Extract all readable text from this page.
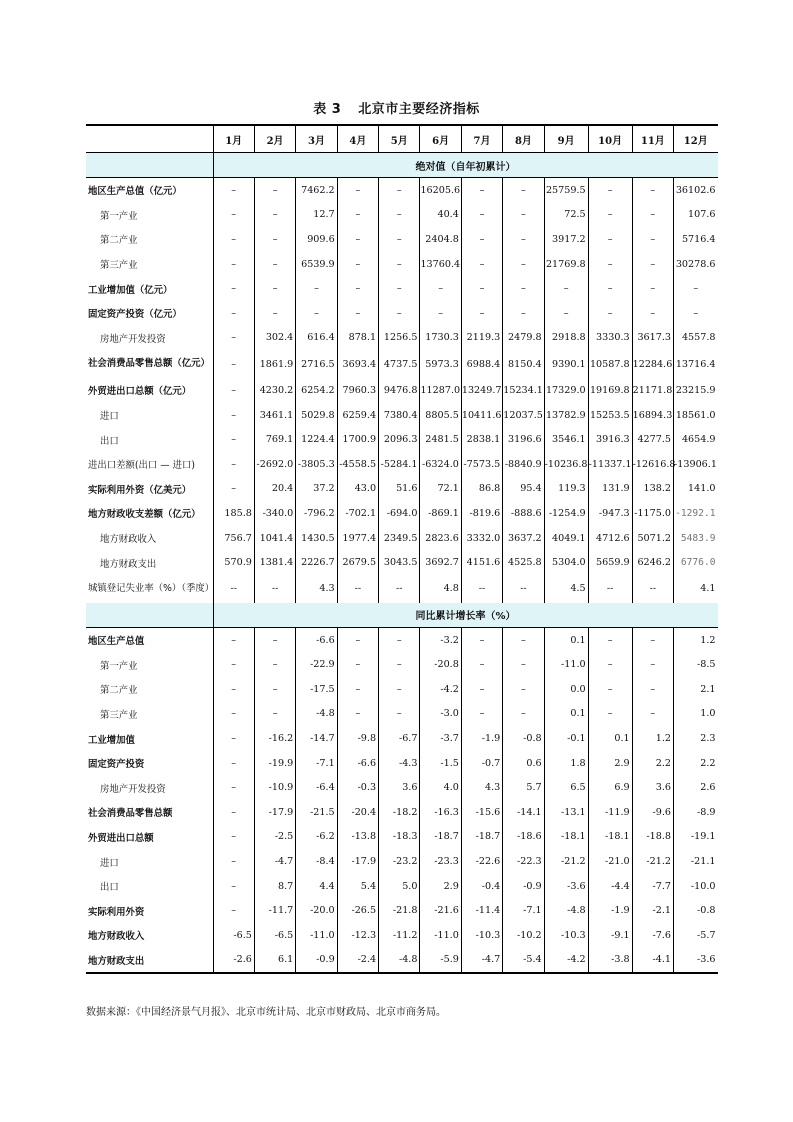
表 3 北京市主要经济指标
	1月	2月	3月	4月	5月	6月	7月	8月	9月	10月	11月	12月
	绝对值（自年初累计）											
地区生产总值（亿元）	–	–	7462.2	–	–	16205.6	–	–	25759.5	–	–	36102.6
第一产业	–	–	12.7	–	–	40.4	–	–	72.5	–	–	107.6
第二产业	–	–	909.6	–	–	2404.8	–	–	3917.2	–	–	5716.4
第三产业	–	–	6539.9	–	–	13760.4	–	–	21769.8	–	–	30278.6
工业增加值（亿元）	–	–	–	–	–	–	–	–	–	–	–	–
固定资产投资（亿元）	–	–	–	–	–	–	–	–	–	–	–	–
房地产开发投资	–	302.4	616.4	878.1	1256.5	1730.3	2119.3	2479.8	2918.8	3330.3	3617.3	4557.8
社会消费品零售总额（亿元）	–	1861.9	2716.5	3693.4	4737.5	5973.3	6988.4	8150.4	9390.1	10587.8	12284.6	13716.4
外贸进出口总额（亿元）	–	4230.2	6254.2	7960.3	9476.8	11287.0	13249.7	15234.1	17329.0	19169.8	21171.8	23215.9
进口	–	3461.1	5029.8	6259.4	7380.4	8805.5	10411.6	12037.5	13782.9	15253.5	16894.3	18561.0
出口	–	769.1	1224.4	1700.9	2096.3	2481.5	2838.1	3196.6	3546.1	3916.3	4277.5	4654.9
进出口差额(出口 — 进口)	–	-2692.0	-3805.3	-4558.5	-5284.1	-6324.0	-7573.5	-8840.9	-10236.8	-11337.1	-12616.8	-13906.1
实际利用外资（亿美元）	–	20.4	37.2	43.0	51.6	72.1	86.8	95.4	119.3	131.9	138.2	141.0
地方财政收支差额（亿元）	185.8	-340.0	-796.2	-702.1	-694.0	-869.1	-819.6	-888.6	-1254.9	-947.3	-1175.0	-1292.1
地方财政收入	756.7	1041.4	1430.5	1977.4	2349.5	2823.6	3332.0	3637.2	4049.1	4712.6	5071.2	5483.9
地方财政支出	570.9	1381.4	2226.7	2679.5	3043.5	3692.7	4151.6	4525.8	5304.0	5659.9	6246.2	6776.0
城镇登记失业率（%）（季度）	--	--	4.3	--	--	4.8	--	--	4.5	--	--	4.1
	同比累计增长率（%）											
地区生产总值	–	–	-6.6	–	–	-3.2	–	–	0.1	–	–	1.2
第一产业	–	–	-22.9	–	–	-20.8	–	–	-11.0	–	–	-8.5
第二产业	–	–	-17.5	–	–	-4.2	–	–	0.0	–	–	2.1
第三产业	–	–	-4.8	–	–	-3.0	–	–	0.1	–	–	1.0
工业增加值	–	-16.2	-14.7	-9.8	-6.7	-3.7	-1.9	-0.8	-0.1	0.1	1.2	2.3
固定资产投资	–	-19.9	-7.1	-6.6	-4.3	-1.5	-0.7	0.6	1.8	2.9	2.2	2.2
房地产开发投资	–	-10.9	-6.4	-0.3	3.6	4.0	4.3	5.7	6.5	6.9	3.6	2.6
社会消费品零售总额	–	-17.9	-21.5	-20.4	-18.2	-16.3	-15.6	-14.1	-13.1	-11.9	-9.6	-8.9
外贸进出口总额	–	-2.5	-6.2	-13.8	-18.3	-18.7	-18.7	-18.6	-18.1	-18.1	-18.8	-19.1
进口	–	-4.7	-8.4	-17.9	-23.2	-23.3	-22.6	-22.3	-21.2	-21.0	-21.2	-21.1
出口	–	8.7	4.4	5.4	5.0	2.9	-0.4	-0.9	-3.6	-4.4	-7.7	-10.0
实际利用外资	–	-11.7	-20.0	-26.5	-21.8	-21.6	-11.4	-7.1	-4.8	-1.9	-2.1	-0.8
地方财政收入	-6.5	-6.5	-11.0	-12.3	-11.2	-11.0	-10.3	-10.2	-10.3	-9.1	-7.6	-5.7
地方财政支出	-2.6	6.1	-0.9	-2.4	-4.8	-5.9	-4.7	-5.4	-4.2	-3.8	-4.1	-3.6
数据来源：《中国经济景气月报》、北京市统计局、北京市财政局、北京市商务局。
